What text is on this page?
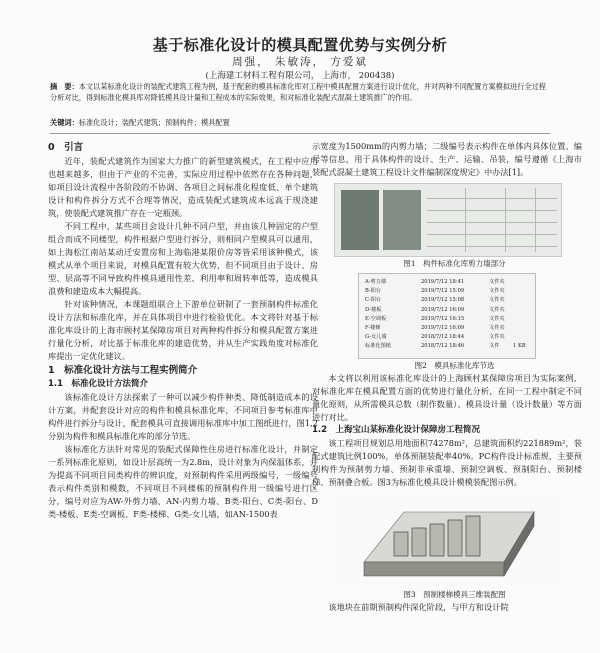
基于标准化设计的模具配置优势与实例分析
周强， 朱敏涛， 方爱斌
(上海建工材料工程有限公司， 上海市， 200438)
摘　要：本文以某标准化设计的装配式建筑工程为例，基于配套的模具标准化库对工程中模具配置方案进行设计优化，并对两种不同配置方案模拟进行全过程分析对比，得到标准化模具库对降低模具设计量和工程成本的实际效果，和对标准化装配式混凝土建筑推广的作用。
关键词：标准化设计；装配式建筑；预制构件；模具配置
0　引言

近年，装配式建筑作为国家大力推广的新型建筑模式，在工程中应用也越来越多，但由于产业的不完善，实际应用过程中依然存在各种问题，如项目设计流程中各阶段的不协调、各项目之间标准化程度低、单个建筑设计和构件拆分方式不合理等情况，造成装配式建筑成本远高于现浇建筑，使装配式建筑推广存在一定瓶颈。

不同工程中，某些项目会设计几种不同户型，并由该几种固定的户型组合而成不同楼型，构件根据户型进行拆分，则相同户型模具可以通用，如上海松江南站某动迁安置房和上海临港某限价房等皆采用该种模式，该模式从单个项目来说，对模具配置有较大优势，但不同项目由于设计、房型、层高等不同导致构件模具通用性差、利用率和周转率低等，造成模具浪费和建造成本大幅提高。

针对该种情况，本课题组联合上下游单位研制了一套预制构件标准化设计方法和标准化库，并在具体项目中进行检验优化。本文将针对基于标准化库设计的上海市顾村某保障房项目对两种构件拆分和模具配置方案进行量化分析，对比基于标准化库的建造优势，并从生产实践角度对标准化库提出一定优化建议。

1　标准化设计方法与工程实例简介
1.1　标准化设计方法简介

该标准化设计方法探索了一种可以减少构件种类、降低制造成本的设计方案，并配套设计对应的构件和模具标准化库，不同项目参考标准库中构件进行拆分与设计，配套模具可直接调用标准库中加工图纸进行，图1,2分别为构件和模具标准化库的部分节选。

该标准化方法针对常见的装配式保障性住房进行标准化设计，并制定一系列标准化原则，如设计层高统一为2.8m，设计对象为内保温体系，并为提高不同项目同类构件的辨识度，对预制构件采用两级编号，一级编号表示构件类别和模数，不同项目不同楼栋的预制构件用一级编号进行区分，编号对应为AW-外剪力墙、AN-内剪力墙、B类-阳台、C类-阳台、D类-楼板、E类-空调板、F类-楼梯、G类-女儿墙，如AN-1500表

示宽度为1500mm的内剪力墙；二级编号表示构件在单体内具体位置、编号等信息，用于具体构件的设计、生产、运输、吊装，编号遵循《上海市装配式混凝土建筑工程设计文件编制深度规定》中办法[1]。

图1　构件标准化库剪力墙部分

A-剪力墙	2019/7/12 18:41	文件夹
B-阳台	2019/7/12 15:09	文件夹
C-阳台	2019/7/12 15:08	文件夹
D-楼板	2019/7/12 16:09	文件夹
E-空调板	2019/7/12 16:15	文件夹
F-楼梯	2019/7/12 16:09	文件夹
G-女儿墙	2018/7/12 18:44	文件夹
标准化图纸	2018/7/12 18:46	文件	1 KB

图2　模具标准化库节选

本文将以利用该标准化库设计的上海顾村某保障房项目为实际案例，对标准化库在模具配置方面的优势进行量化分析，在同一工程中制定不同量化原则，从所需模具总数（制作数量）、模具设计量（设计数量）等方面进行对比。

1.2　上海宝山某标准化设计保障房工程简况

该工程项目规划总用地面积74278m²，总建筑面积约221889m²，装配式建筑比例100%，单体预制装配率40%。PC构件设计标准规，主要预制构件为预制剪力墙、预制非承重墙、预制空调板、预制阳台、预制楼梯、预制叠合板。图3为标准化模具设计模模装配图示例。

图3　预制楼梯模具三维装配图

该地块在前期预制构件深化阶段，与甲方和设计院
